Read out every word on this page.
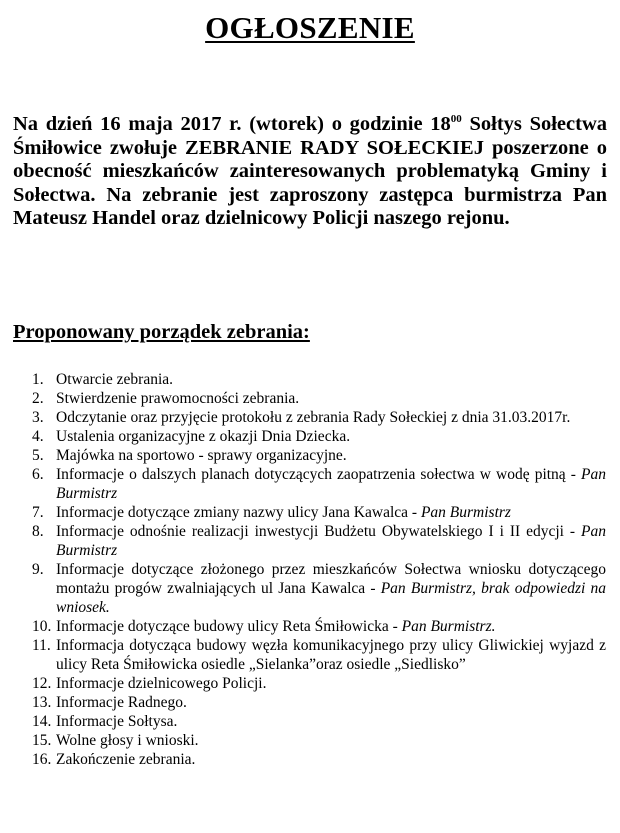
OGŁOSZENIE

Na dzień 16 maja 2017 r. (wtorek) o godzinie $18^{00}$ Sołtys Sołectwa Śmiłowice zwołuje ZEBRANIE RADY SOŁECKIEJ poszerzone o obecność mieszkańców zainteresowanych problematyką Gminy i Sołectwa. Na zebranie jest zaproszony zastępca burmistrza Pan Mateusz Handel oraz dzielnicowy Policji naszego rejonu.

Proponowany porządek zebrania:
1. Otwarcie zebrania.
2. Stwierdzenie prawomocności zebrania.
3. Odczytanie oraz przyjęcie protokołu z zebrania Rady Sołeckiej z dnia 31.03.2017r.
4. Ustalenia organizacyjne z okazji Dnia Dziecka.
5. Majówka na sportowo - sprawy organizacyjne.
6. Informacje o dalszych planach dotyczących zaopatrzenia sołectwa w wodę pitną - Pan Burmistrz
7. Informacje dotyczące zmiany nazwy ulicy Jana Kawalca - Pan Burmistrz
8. Informacje odnośnie realizacji inwestycji Budżetu Obywatelskiego I i II edycji - Pan Burmistrz
9. Informacje dotyczące złożonego przez mieszkańców Sołectwa wniosku dotyczącego montażu progów zwalniających ul Jana Kawalca - Pan Burmistrz, brak odpowiedzi na wniosek.
10. Informacje dotyczące budowy ulicy Reta Śmiłowicka - Pan Burmistrz.
11. Informacja dotycząca budowy węzła komunikacyjnego przy ulicy Gliwickiej wyjazd z ulicy Reta Śmiłowicka osiedle „Sielanka”oraz osiedle „Siedlisko”
12. Informacje dzielnicowego Policji.
13. Informacje Radnego.
14. Informacje Sołtysa.
15. Wolne głosy i wnioski.
16. Zakończenie zebrania.
